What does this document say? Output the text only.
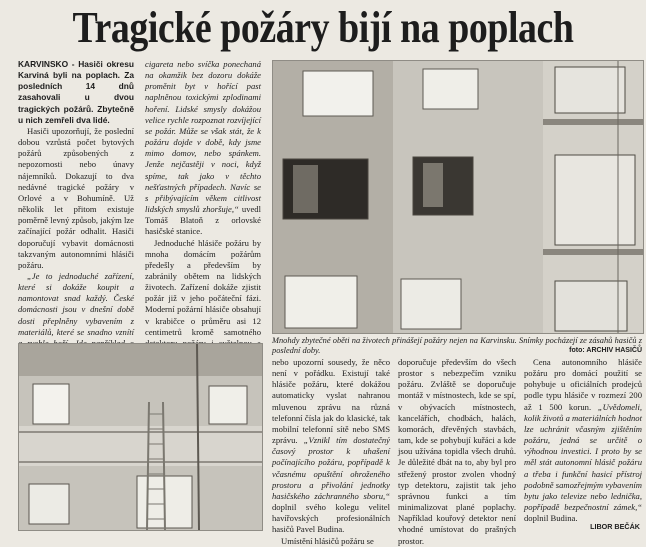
Tragické požáry bijí na poplach

KARVINSKO - Hasiči okresu Karviná byli na poplach. Za posledních 14 dnů zasahovali u dvou tragických požárů. Zbytečně u nich zemřeli dva lidé.

Hasiči upozorňují, že poslední dobou vzrůstá počet bytových požárů způsobených z nepozornosti nebo únavy nájemníků. Dokazují to dva nedávné tragické požáry v Orlové a v Bohumíně. Už několik let přitom existuje poměrně levný způsob, jakým lze začínající požár odhalit. Hasiči doporučují vybavit domácnosti takzvaným autonomními hlásiči požáru.

„Je to jednoduché zařízení, které si dokáže koupit a namontovat snad každý. České domácnosti jsou v dnešní době dosti přeplněny vybavením z materiálů, které se snadno vznítí

cigareta nebo svíčka ponechaná na okamžik bez dozoru dokáže proměnit byt v hořící past naplněnou toxickými zplodinami hoření. Lidské smysly dokážou velice rychle rozpoznat rozvíjející se požár. Může se však stát, že k požáru dojde v době, kdy jsme mimo domov, nebo spánkem. Jenže nejčastěji v noci, když spíme, tak jako v těchto nešťastných případech. Navíc se s přibývajícím věkem citlivost lidských smyslů zhoršuje,“ uvedl Tomáš Blatoň z orlovské hasičské stanice.

Jednoduché hlásiče požáru by mnoha domácím požárům předešly a především by zabránily obětem na lidských životech. Zařízení dokáže zjistit požár již v jeho počáteční fázi. Moderní požární hlásiče obsahují v krabičce o průměru asi 12 centimetrů kromě samotného

Mnohdy zbytečné oběti na životech přinášejí požáry nejen na Karvinsku. Snímky pocházejí ze zásahů hasičů z poslední doby.	foto: ARCHIV HASIČŮ

nebo upozorní sousedy, že něco není v pořádku. Existují také hlásiče požáru, které dokážou automaticky vyslat nahranou mluvenou zprávu na různá telefonní čísla jak do klasické, tak mobilní telefonní sítě nebo SMS zprávu. „Vznikl tím dostatečný časový prostor k uhašení počínajícího požáru, popřípadě k včasnému opuštění ohroženého prostoru a přivolání jednotky hasičského záchranného sboru,“ doplnil svého kolegu velitel havířovských profesionálních hasičů Pavel Budina.

Umístění hlásičů požáru se

doporučuje především do všech prostor s nebezpečím vzniku požáru. Zvláště se doporučuje montáž v místnostech, kde se spí, v obývacích místnostech, kancelářích, chodbách, halách, komorách, dřevěných stavbách, tam, kde se pohybují kuřáci a kde jsou užívána topidla všech druhů. Je důležité dbát na to, aby byl pro střežený prostor zvolen vhodný typ detektoru, zajistit tak jeho správnou funkci a tím minimalizovat plané poplachy. Například kouřový detektor není vhodné umístovat do prašných prostor.

Cena autonomního hlásiče požáru pro domácí použití se pohybuje u oficiálních prodejců podle typu hlásiče v rozmezí 200 až 1 500 korun. „Uvědomeli, kolik životů a materiálních hodnot lze uchránit včasným zjištěním požáru, jedná se určitě o výhodnou investici. I proto by se měl stát autonomní hlásič požáru a třeba i funkční hasicí přístroj podobně samozřejmým vybavením bytu jako televize nebo lednička, popřípadě bezpečnostní zámek,“ doplnil Budina.

LIBOR BEČÁK
